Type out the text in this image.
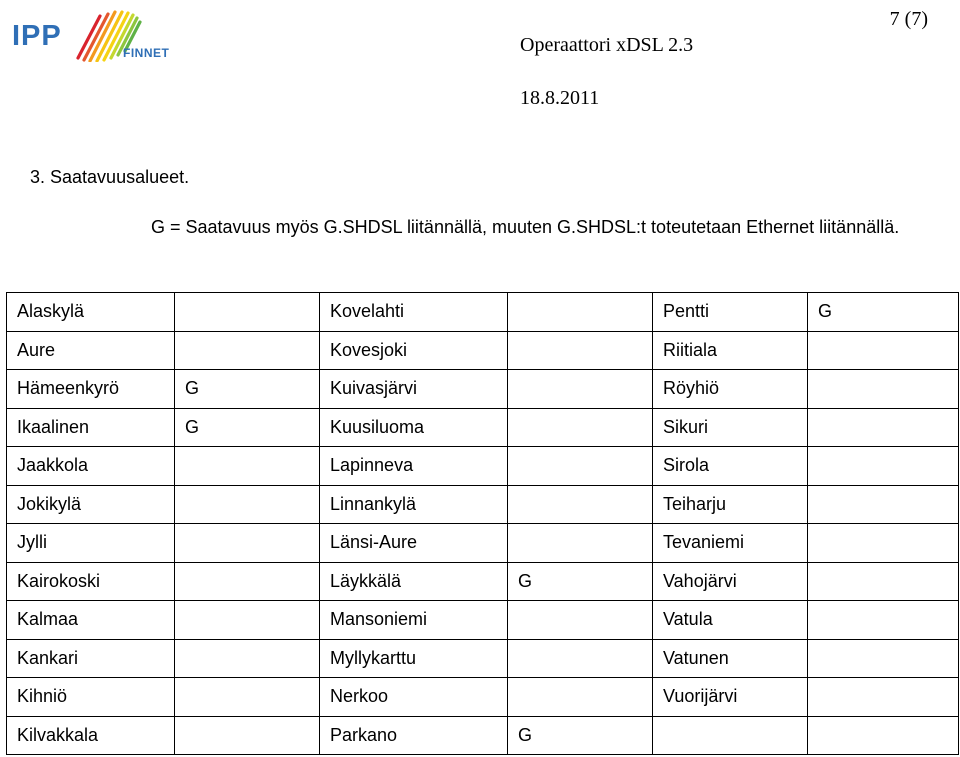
IPP
FINNET
7 (7)
Operaattori xDSL 2.3
18.8.2011
3. Saatavuusalueet.
G = Saatavuus myös G.SHDSL liitännällä, muuten G.SHDSL:t toteutetaan Ethernet liitännällä.
Alaskylä		Kovelahti		Pentti	G
Aure		Kovesjoki		Riitiala	
Hämeenkyrö	G	Kuivasjärvi		Röyhiö	
Ikaalinen	G	Kuusiluoma		Sikuri	
Jaakkola		Lapinneva		Sirola	
Jokikylä		Linnankylä		Teiharju	
Jylli		Länsi-Aure		Tevaniemi	
Kairokoski		Läykkälä	G	Vahojärvi	
Kalmaa		Mansoniemi		Vatula	
Kankari		Myllykarttu		Vatunen	
Kihniö		Nerkoo		Vuorijärvi	
Kilvakkala		Parkano	G		
